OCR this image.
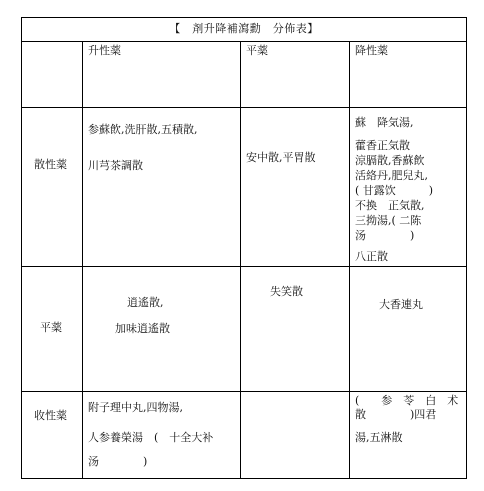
【　剤升降補瀉勳　分佈表】
升性薬	平薬	降性薬
散性薬
平薬
收性薬
参蘇飲,洗肝散,五積散,
川芎茶調散
安中散,平胃散
蘇　降気湯,
藿香正気散
涼膈散,香蘇飲
活絡丹,肥兒丸,
( 甘露饮　　　)
不換　正気散,
三拗湯,( 二陈
汤　　　　)
八正散
逍遙散,
加味逍遙散
失笑散
大香連丸
附子理中丸,四物湯,
人参養榮湯　(　十全大补
汤　　　　)
(　　参　苓　白　术
散　　　　)四君
湯,五淋散
